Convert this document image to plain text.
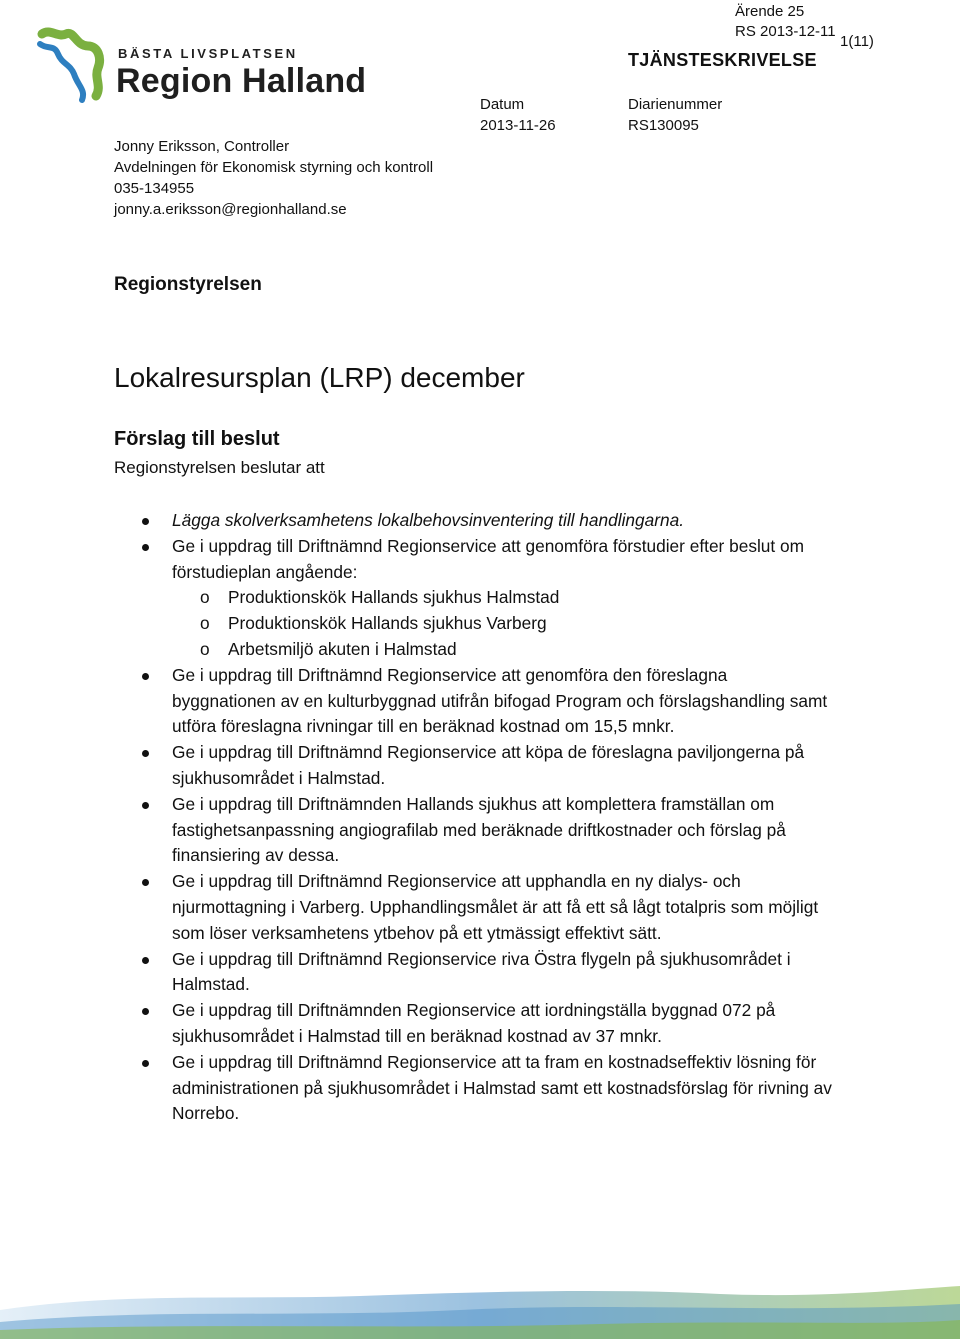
BÄSTA LIVSPLATSEN
Region Halland
Ärende 25
RS 2013-12-11
1(11)
TJÄNSTESKRIVELSE
Datum
2013-11-26
Diarienummer
RS130095
Jonny Eriksson, Controller
Avdelningen för Ekonomisk styrning och kontroll
035-134955
jonny.a.eriksson@regionhalland.se
Regionstyrelsen
Lokalresursplan (LRP) december
Förslag till beslut
Regionstyrelsen beslutar att
Lägga skolverksamhetens lokalbehovsinventering till handlingarna.
Ge i uppdrag till Driftnämnd Regionservice att genomföra förstudier efter beslut om förstudieplan angående:
o Produktionskök Hallands sjukhus Halmstad
o Produktionskök Hallands sjukhus Varberg
o Arbetsmiljö akuten i Halmstad
Ge i uppdrag till Driftnämnd Regionservice att genomföra den föreslagna byggnationen av en kulturbyggnad utifrån bifogad Program och förslagshandling samt utföra föreslagna rivningar till en beräknad kostnad om 15,5 mnkr.
Ge i uppdrag till Driftnämnd Regionservice att köpa de föreslagna paviljongerna på sjukhusområdet i Halmstad.
Ge i uppdrag till Driftnämnden Hallands sjukhus att komplettera framställan om fastighetsanpassning angiografilab med beräknade driftkostnader och förslag på finansiering av dessa.
Ge i uppdrag till Driftnämnd Regionservice att upphandla en ny dialys- och njurmottagning i Varberg. Upphandlingsmålet är att få ett så lågt totalpris som möjligt som löser verksamhetens ytbehov på ett ytmässigt effektivt sätt.
Ge i uppdrag till Driftnämnd Regionservice riva Östra flygeln på sjukhusområdet i Halmstad.
Ge i uppdrag till Driftnämnden Regionservice att iordningställa byggnad 072 på sjukhusområdet i Halmstad till en beräknad kostnad av 37 mnkr.
Ge i uppdrag till Driftnämnd Regionservice att ta fram en kostnadseffektiv lösning för administrationen på sjukhusområdet i Halmstad samt ett kostnadsförslag för rivning av Norrebo.
